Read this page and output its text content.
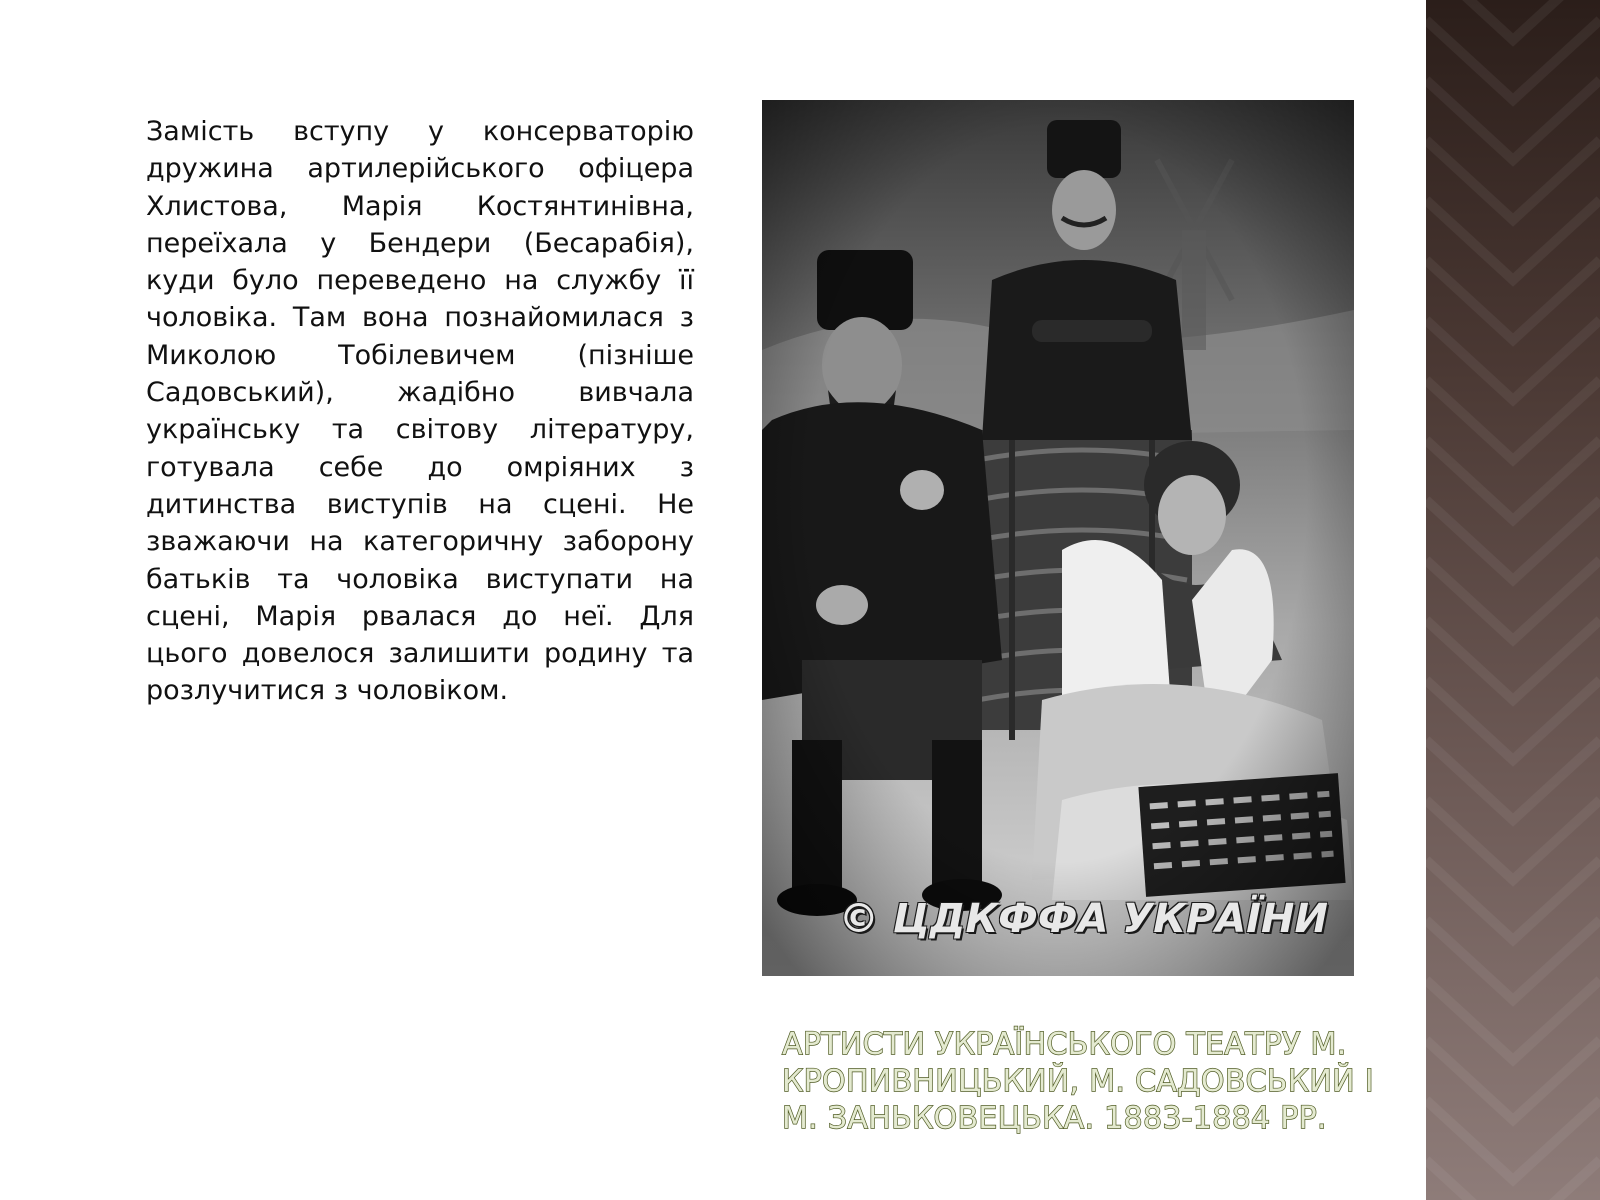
Замість вступу у консерваторію дружина артилерійського офіцера Хлистова, Марія Костянтинівна, переїхала у Бендери (Бесарабія), куди було переведено на службу її чоловіка. Там вона познайомилася з Миколою Тобілевичем (пізніше Садовський), жадібно вивчала українську та світову літературу, готувала себе до омріяних з дитинства виступів на сцені. Не зважаючи на категоричну заборону батьків та чоловіка виступати на сцені, Марія рвалася до неї. Для цього довелося залишити родину та розлучитися з чоловіком.

© ЦДКФФА УКРАЇНИ

АРТИСТИ УКРАЇНСЬКОГО ТЕАТРУ М. КРОПИВНИЦЬКИЙ, М. САДОВСЬКИЙ І М. ЗАНЬКОВЕЦЬКА. 1883-1884 РР.
